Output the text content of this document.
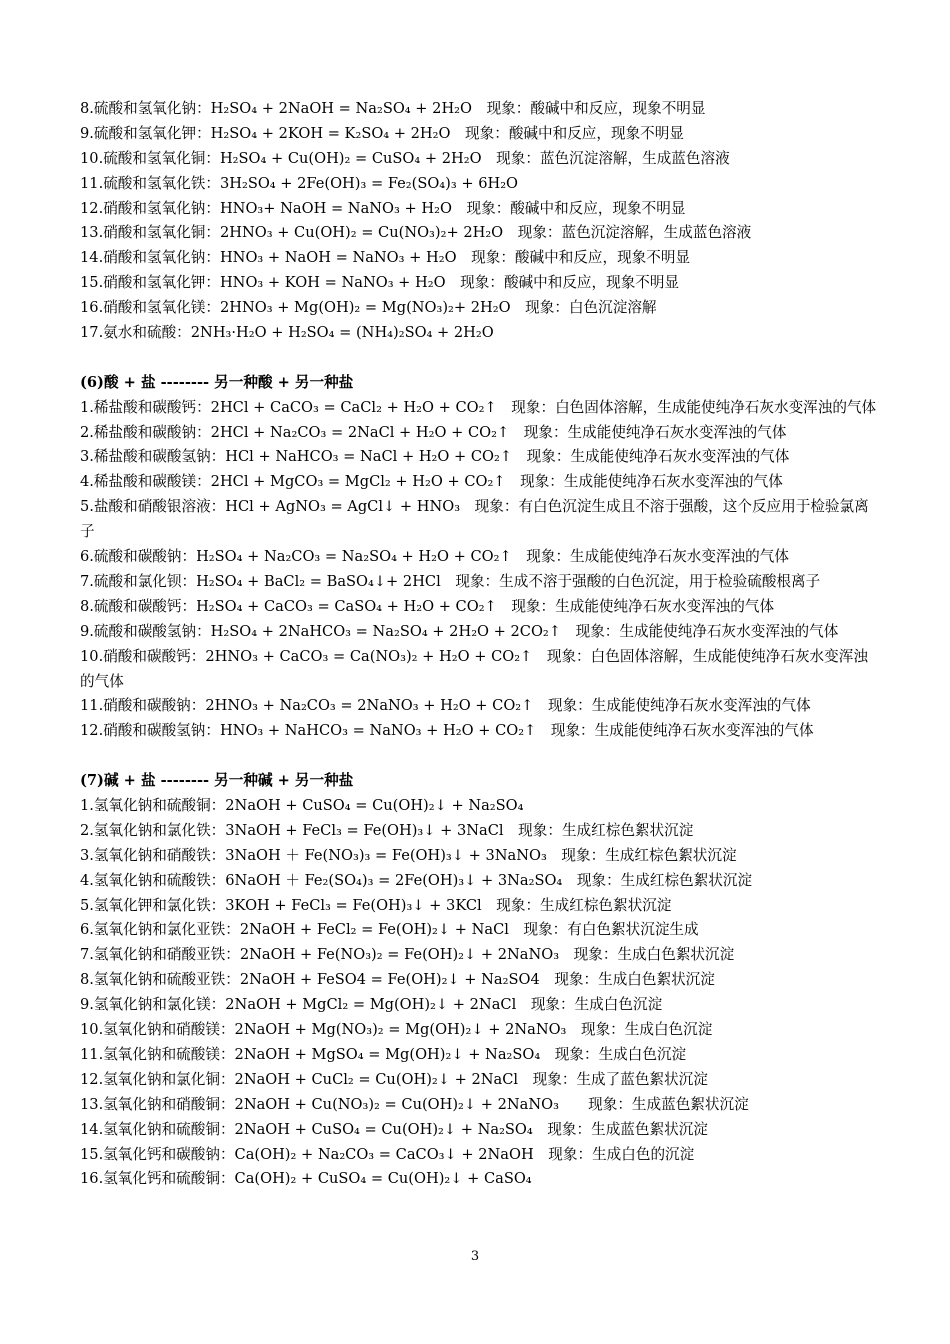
8.硫酸和氢氧化钠：H₂SO₄ + 2NaOH = Na₂SO₄ + 2H₂O　现象：酸碱中和反应，现象不明显
9.硫酸和氢氧化钾：H₂SO₄ + 2KOH = K₂SO₄ + 2H₂O　现象：酸碱中和反应，现象不明显
10.硫酸和氢氧化铜：H₂SO₄ + Cu(OH)₂ = CuSO₄ + 2H₂O　现象：蓝色沉淀溶解，生成蓝色溶液
11.硫酸和氢氧化铁：3H₂SO₄ + 2Fe(OH)₃ = Fe₂(SO₄)₃ + 6H₂O
12.硝酸和氢氧化钠：HNO₃+ NaOH = NaNO₃ + H₂O　现象：酸碱中和反应，现象不明显
13.硝酸和氢氧化铜：2HNO₃ + Cu(OH)₂ = Cu(NO₃)₂+ 2H₂O　现象：蓝色沉淀溶解，生成蓝色溶液
14.硝酸和氢氧化钠：HNO₃ + NaOH = NaNO₃ + H₂O　现象：酸碱中和反应，现象不明显
15.硝酸和氢氧化钾：HNO₃ + KOH = NaNO₃ + H₂O　现象：酸碱中和反应，现象不明显
16.硝酸和氢氧化镁：2HNO₃ + Mg(OH)₂ = Mg(NO₃)₂+ 2H₂O　现象：白色沉淀溶解
17.氨水和硫酸：2NH₃·H₂O + H₂SO₄ = (NH₄)₂SO₄ + 2H₂O
(6)酸 + 盐 -------- 另一种酸 + 另一种盐
1.稀盐酸和碳酸钙：2HCl + CaCO₃ = CaCl₂ + H₂O + CO₂↑　现象：白色固体溶解，生成能使纯净石灰水变浑浊的气体
2.稀盐酸和碳酸钠：2HCl + Na₂CO₃ = 2NaCl + H₂O + CO₂↑　现象：生成能使纯净石灰水变浑浊的气体
3.稀盐酸和碳酸氢钠：HCl + NaHCO₃ = NaCl + H₂O + CO₂↑　现象：生成能使纯净石灰水变浑浊的气体
4.稀盐酸和碳酸镁：2HCl + MgCO₃ = MgCl₂ + H₂O + CO₂↑　现象：生成能使纯净石灰水变浑浊的气体
5.盐酸和硝酸银溶液：HCl + AgNO₃ = AgCl↓ + HNO₃　现象：有白色沉淀生成且不溶于强酸，这个反应用于检验氯离子
6.硫酸和碳酸钠：H₂SO₄ + Na₂CO₃ = Na₂SO₄ + H₂O + CO₂↑　现象：生成能使纯净石灰水变浑浊的气体
7.硫酸和氯化钡：H₂SO₄ + BaCl₂ = BaSO₄↓+ 2HCl　现象：生成不溶于强酸的白色沉淀，用于检验硫酸根离子
8.硫酸和碳酸钙：H₂SO₄ + CaCO₃ = CaSO₄ + H₂O + CO₂↑　现象：生成能使纯净石灰水变浑浊的气体
9.硫酸和碳酸氢钠：H₂SO₄ + 2NaHCO₃ = Na₂SO₄ + 2H₂O + 2CO₂↑　现象：生成能使纯净石灰水变浑浊的气体
10.硝酸和碳酸钙：2HNO₃ + CaCO₃ = Ca(NO₃)₂ + H₂O + CO₂↑　现象：白色固体溶解，生成能使纯净石灰水变浑浊的气体
11.硝酸和碳酸钠：2HNO₃ + Na₂CO₃ = 2NaNO₃ + H₂O + CO₂↑　现象：生成能使纯净石灰水变浑浊的气体
12.硝酸和碳酸氢钠：HNO₃ + NaHCO₃ = NaNO₃ + H₂O + CO₂↑　现象：生成能使纯净石灰水变浑浊的气体
(7)碱 + 盐 -------- 另一种碱 + 另一种盐
1.氢氧化钠和硫酸铜：2NaOH + CuSO₄ = Cu(OH)₂↓ + Na₂SO₄
2.氢氧化钠和氯化铁：3NaOH + FeCl₃ = Fe(OH)₃↓ + 3NaCl　现象：生成红棕色絮状沉淀
3.氢氧化钠和硝酸铁：3NaOH ＋ Fe(NO₃)₃ = Fe(OH)₃↓ + 3NaNO₃　现象：生成红棕色絮状沉淀
4.氢氧化钠和硫酸铁：6NaOH ＋ Fe₂(SO₄)₃ = 2Fe(OH)₃↓ + 3Na₂SO₄　现象：生成红棕色絮状沉淀
5.氢氧化钾和氯化铁：3KOH + FeCl₃ = Fe(OH)₃↓ + 3KCl　现象：生成红棕色絮状沉淀
6.氢氧化钠和氯化亚铁：2NaOH + FeCl₂ = Fe(OH)₂↓ + NaCl　现象：有白色絮状沉淀生成
7.氢氧化钠和硝酸亚铁：2NaOH + Fe(NO₃)₂ = Fe(OH)₂↓ + 2NaNO₃　现象：生成白色絮状沉淀
8.氢氧化钠和硫酸亚铁：2NaOH + FeSO4 = Fe(OH)₂↓ + Na₂SO4　现象：生成白色絮状沉淀
9.氢氧化钠和氯化镁：2NaOH + MgCl₂ = Mg(OH)₂↓ + 2NaCl　现象：生成白色沉淀
10.氢氧化钠和硝酸镁：2NaOH + Mg(NO₃)₂ = Mg(OH)₂↓ + 2NaNO₃　现象：生成白色沉淀
11.氢氧化钠和硫酸镁：2NaOH + MgSO₄ = Mg(OH)₂↓ + Na₂SO₄　现象：生成白色沉淀
12.氢氧化钠和氯化铜：2NaOH + CuCl₂ = Cu(OH)₂↓ + 2NaCl　现象：生成了蓝色絮状沉淀
13.氢氧化钠和硝酸铜：2NaOH + Cu(NO₃)₂ = Cu(OH)₂↓ + 2NaNO₃　　现象：生成蓝色絮状沉淀
14.氢氧化钠和硫酸铜：2NaOH + CuSO₄ = Cu(OH)₂↓ + Na₂SO₄　现象：生成蓝色絮状沉淀
15.氢氧化钙和碳酸钠：Ca(OH)₂ + Na₂CO₃ = CaCO₃↓ + 2NaOH　现象：生成白色的沉淀
16.氢氧化钙和硫酸铜：Ca(OH)₂ + CuSO₄ = Cu(OH)₂↓ + CaSO₄
3
